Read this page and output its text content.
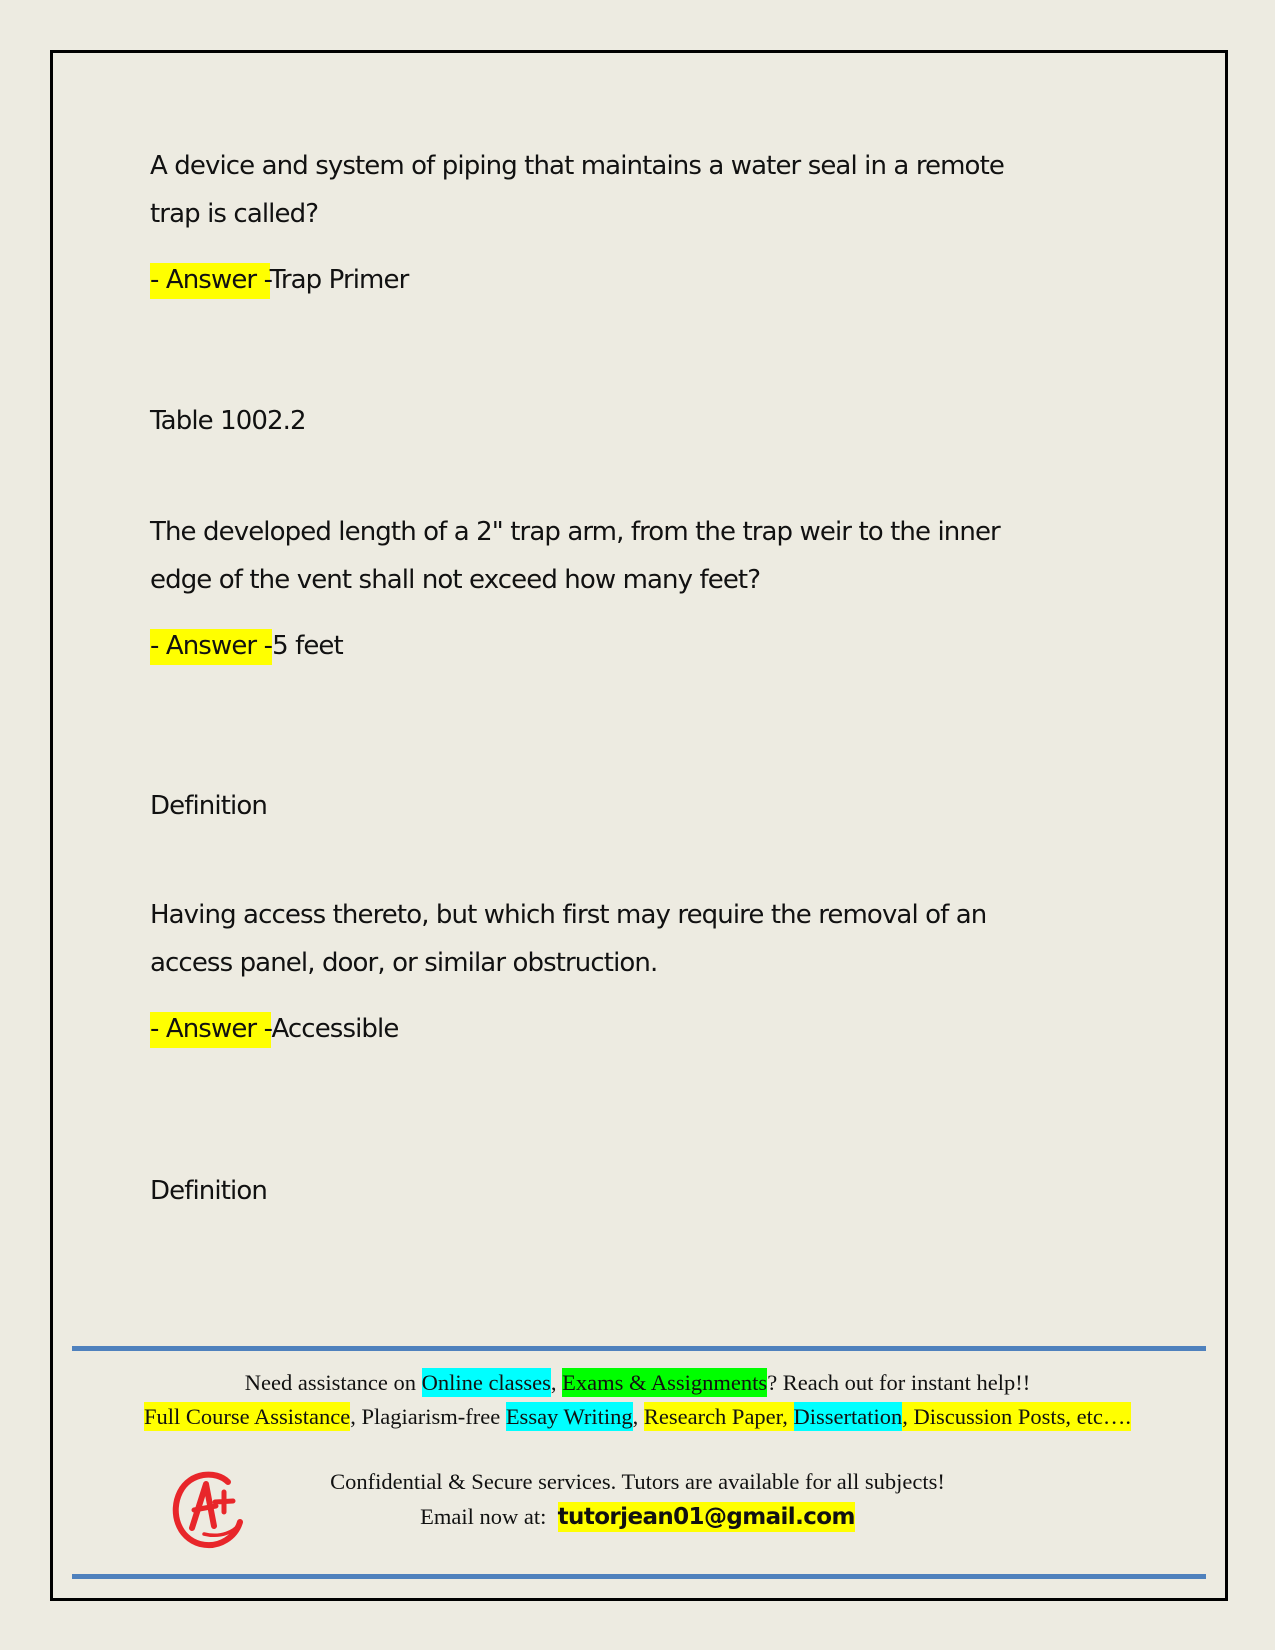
A device and system of piping that maintains a water seal in a remote
trap is called?
- Answer -Trap Primer
Table 1002.2
The developed length of a 2" trap arm, from the trap weir to the inner
edge of the vent shall not exceed how many feet?
- Answer -5 feet
Definition
Having access thereto, but which first may require the removal of an
access panel, door, or similar obstruction.
- Answer -Accessible
Definition
Need assistance on Online classes, Exams & Assignments? Reach out for instant help!!
Full Course Assistance, Plagiarism-free Essay Writing, Research Paper, Dissertation, Discussion Posts, etc….
Confidential & Secure services. Tutors are available for all subjects!
Email now at:  tutorjean01@gmail.com
